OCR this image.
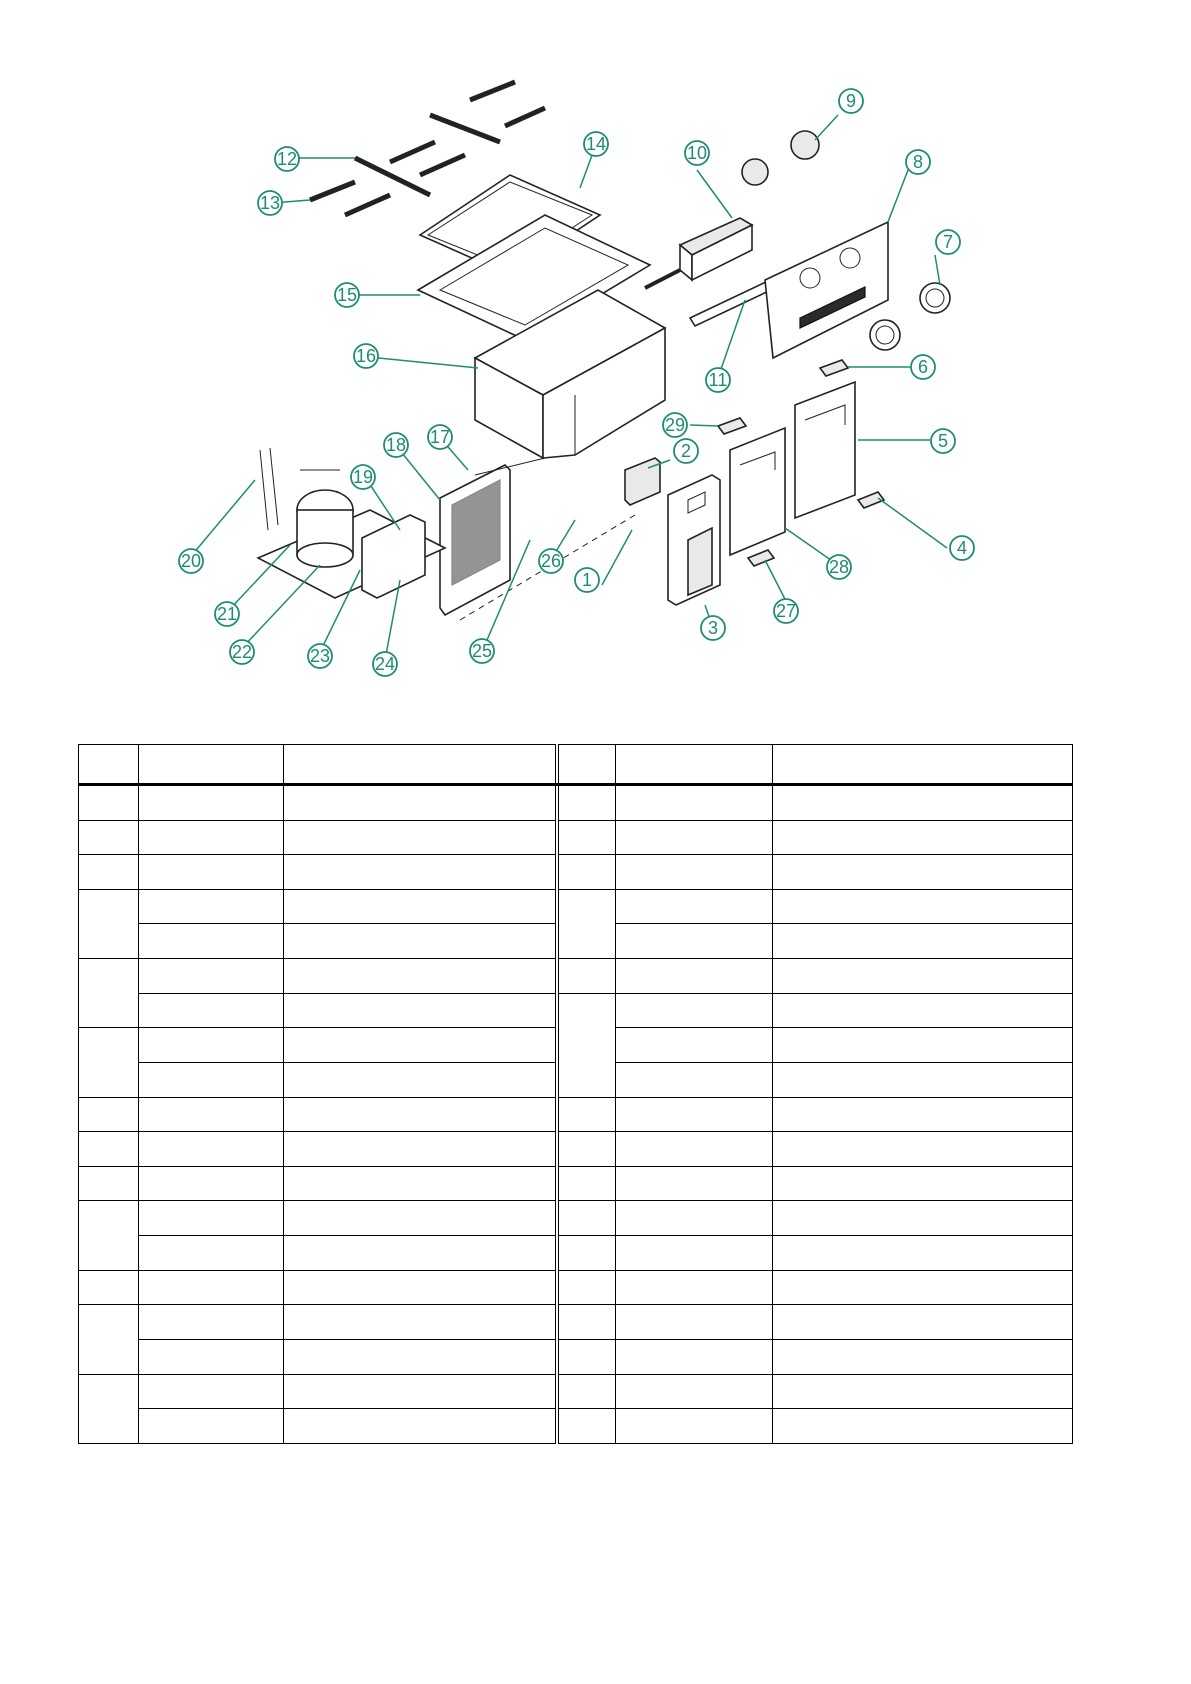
1
2
3
4
5
6
7
8
9
10
11
12
13
14
15
16
17
18
19
20
21
22	23 24
25
26
27
28
29
